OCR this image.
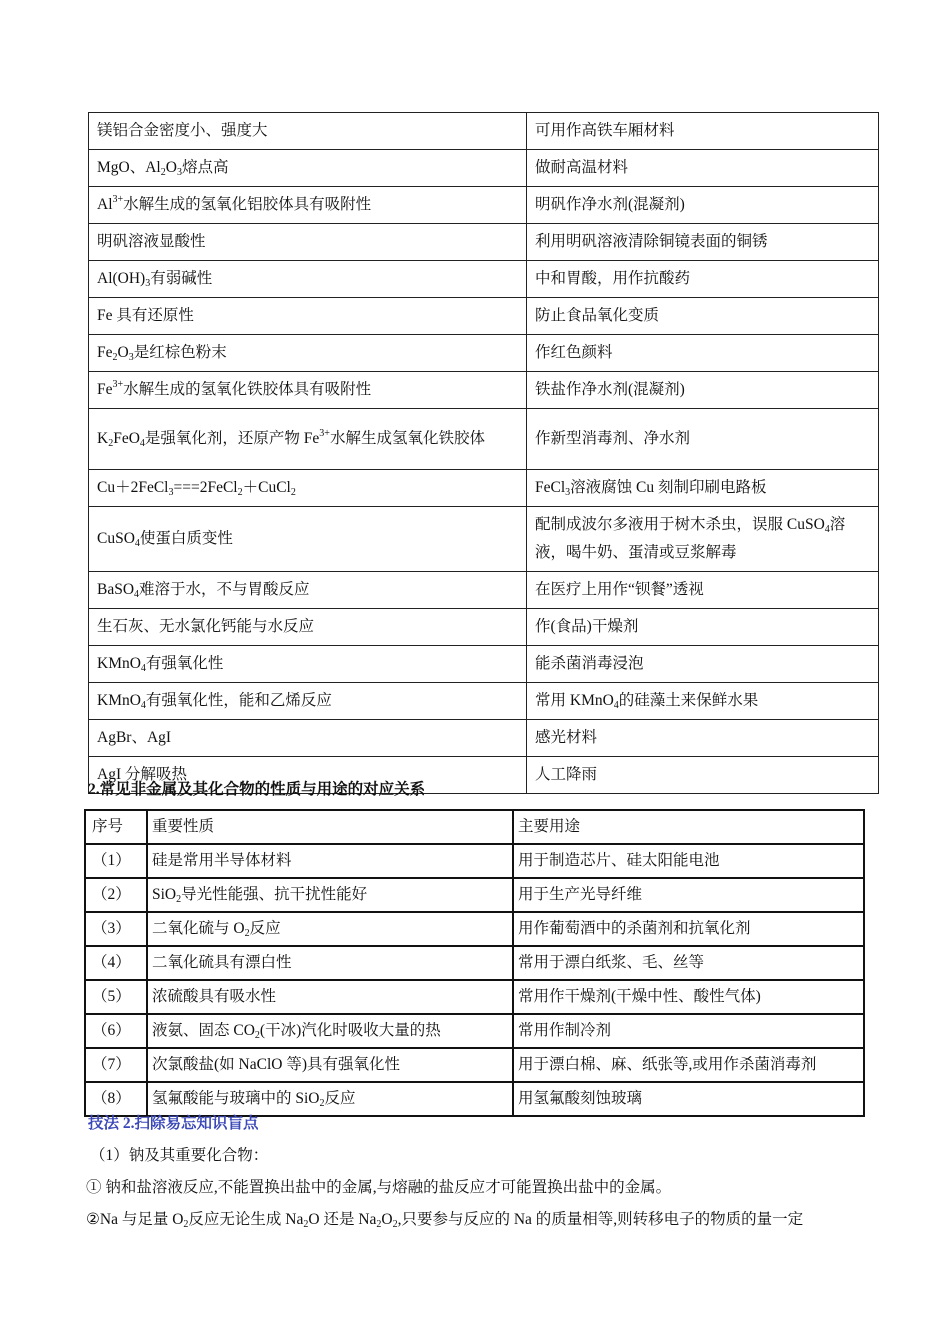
镁铝合金密度小、强度大	可用作高铁车厢材料
MgO、$Al_2O_3$熔点高	做耐高温材料
$Al^{3+}$水解生成的氢氧化铝胶体具有吸附性	明矾作净水剂(混凝剂)
明矾溶液显酸性	利用明矾溶液清除铜镜表面的铜锈
$Al(OH)_3$有弱碱性	中和胃酸，用作抗酸药
Fe 具有还原性	防止食品氧化变质
$Fe_2O_3$是红棕色粉末	作红色颜料
$Fe^{3+}$水解生成的氢氧化铁胶体具有吸附性	铁盐作净水剂(混凝剂)
$K_2FeO_4$是强氧化剂，还原产物 $Fe^{3+}$水解生成氢氧化铁胶体	作新型消毒剂、净水剂
Cu＋2FeCl$_3$===2FeCl$_2$＋CuCl$_2$	FeCl$_3$溶液腐蚀 Cu 刻制印刷电路板
CuSO$_4$使蛋白质变性	配制成波尔多液用于树木杀虫，误服 CuSO$_4$溶液，喝牛奶、蛋清或豆浆解毒
BaSO$_4$难溶于水，不与胃酸反应	在医疗上用作“钡餐”透视
生石灰、无水氯化钙能与水反应	作(食品)干燥剂
KMnO$_4$有强氧化性	能杀菌消毒浸泡
KMnO$_4$有强氧化性，能和乙烯反应	常用 KMnO$_4$的硅藻土来保鲜水果
AgBr、AgI	感光材料
AgI 分解吸热	人工降雨
2.常见非金属及其化合物的性质与用途的对应关系
序号	重要性质	主要用途
（1）	硅是常用半导体材料	用于制造芯片、硅太阳能电池
（2）	SiO$_2$导光性能强、抗干扰性能好	用于生产光导纤维
（3）	二氧化硫与 $O_2$反应	用作葡萄酒中的杀菌剂和抗氧化剂
（4）	二氧化硫具有漂白性	常用于漂白纸浆、毛、丝等
（5）	浓硫酸具有吸水性	常用作干燥剂(干燥中性、酸性气体)
（6）	液氨、固态 $CO_2$(干冰)汽化时吸收大量的热	常用作制冷剂
（7）	次氯酸盐(如 NaClO 等)具有强氧化性	用于漂白棉、麻、纸张等,或用作杀菌消毒剂
（8）	氢氟酸能与玻璃中的 SiO$_2$反应	用氢氟酸刻蚀玻璃
技法 2.扫除易忘知识盲点
（1）钠及其重要化合物：
① 钠和盐溶液反应,不能置换出盐中的金属,与熔融的盐反应才可能置换出盐中的金属。
②Na 与足量 $O_2$反应无论生成 $Na_2O$ 还是 $Na_2O_2$,只要参与反应的 Na 的质量相等,则转移电子的物质的量一定
